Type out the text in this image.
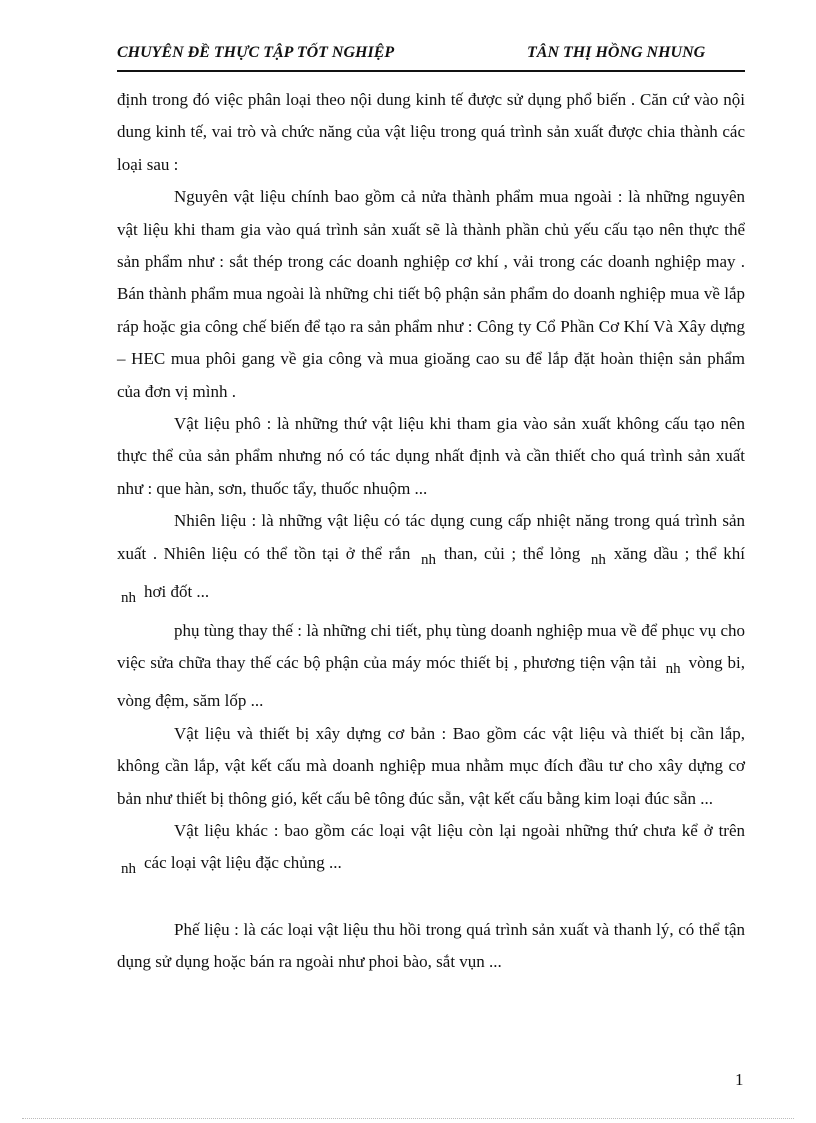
CHUYÊN ĐỀ THỰC TẬP TỐT NGHIỆP	TÂN THỊ HỒNG NHUNG

định trong đó việc phân loại theo nội dung kinh tế được sử dụng phổ biến . Căn cứ vào nội dung kinh tế, vai trò và chức năng của vật liệu trong quá trình sản xuất được chia thành các loại sau :

Nguyên vật liệu chính bao gồm cả nửa thành phẩm mua ngoài : là những nguyên vật liệu khi tham gia vào quá trình sản xuất sẽ là thành phần chủ yếu cấu tạo nên thực thể sản phẩm như : sắt thép trong các doanh nghiệp cơ khí , vải trong các doanh nghiệp may . Bán thành phẩm mua ngoài là những chi tiết bộ phận sản phẩm do doanh nghiệp mua về lắp ráp hoặc gia công chế biến để tạo ra sản phẩm như : Công ty Cổ Phần Cơ Khí Và Xây dựng – HEC mua phôi gang về gia công và mua gioăng cao su để lắp đặt hoàn thiện sản phẩm của đơn vị mình .

Vật liệu phô : là những thứ vật liệu khi tham gia vào sản xuất không cấu tạo nên thực thể của sản phẩm nhưng nó có tác dụng nhất định và cần thiết cho quá trình sản xuất như : que hàn, sơn, thuốc tẩy, thuốc nhuộm ...

Nhiên liệu : là những vật liệu có tác dụng cung cấp nhiệt năng trong quá trình sản xuất . Nhiên liệu có thể tồn tại ở thể rắn nh than, củi ; thể lỏng nh xăng dầu ; thể khí nh hơi đốt ...

phụ tùng thay thế : là những chi tiết, phụ tùng doanh nghiệp mua về để phục vụ cho việc sửa chữa thay thế các bộ phận của máy móc thiết bị , phương tiện vận tải nh vòng bi, vòng đệm, săm lốp ...

Vật liệu và thiết bị xây dựng cơ bản : Bao gồm các vật liệu và thiết bị cần lắp, không cần lắp, vật kết cấu mà doanh nghiệp mua nhằm mục đích đầu tư cho xây dựng cơ bản như thiết bị thông gió, kết cấu bê tông đúc sẵn, vật kết cấu bằng kim loại đúc sẵn ...

Vật liệu khác : bao gồm các loại vật liệu còn lại ngoài những thứ chưa kể ở trên nh các loại vật liệu đặc chủng ...

Phế liệu : là các loại vật liệu thu hồi trong quá trình sản xuất và thanh lý, có thể tận dụng sử dụng hoặc bán ra ngoài như phoi bào, sắt vụn ...

1
